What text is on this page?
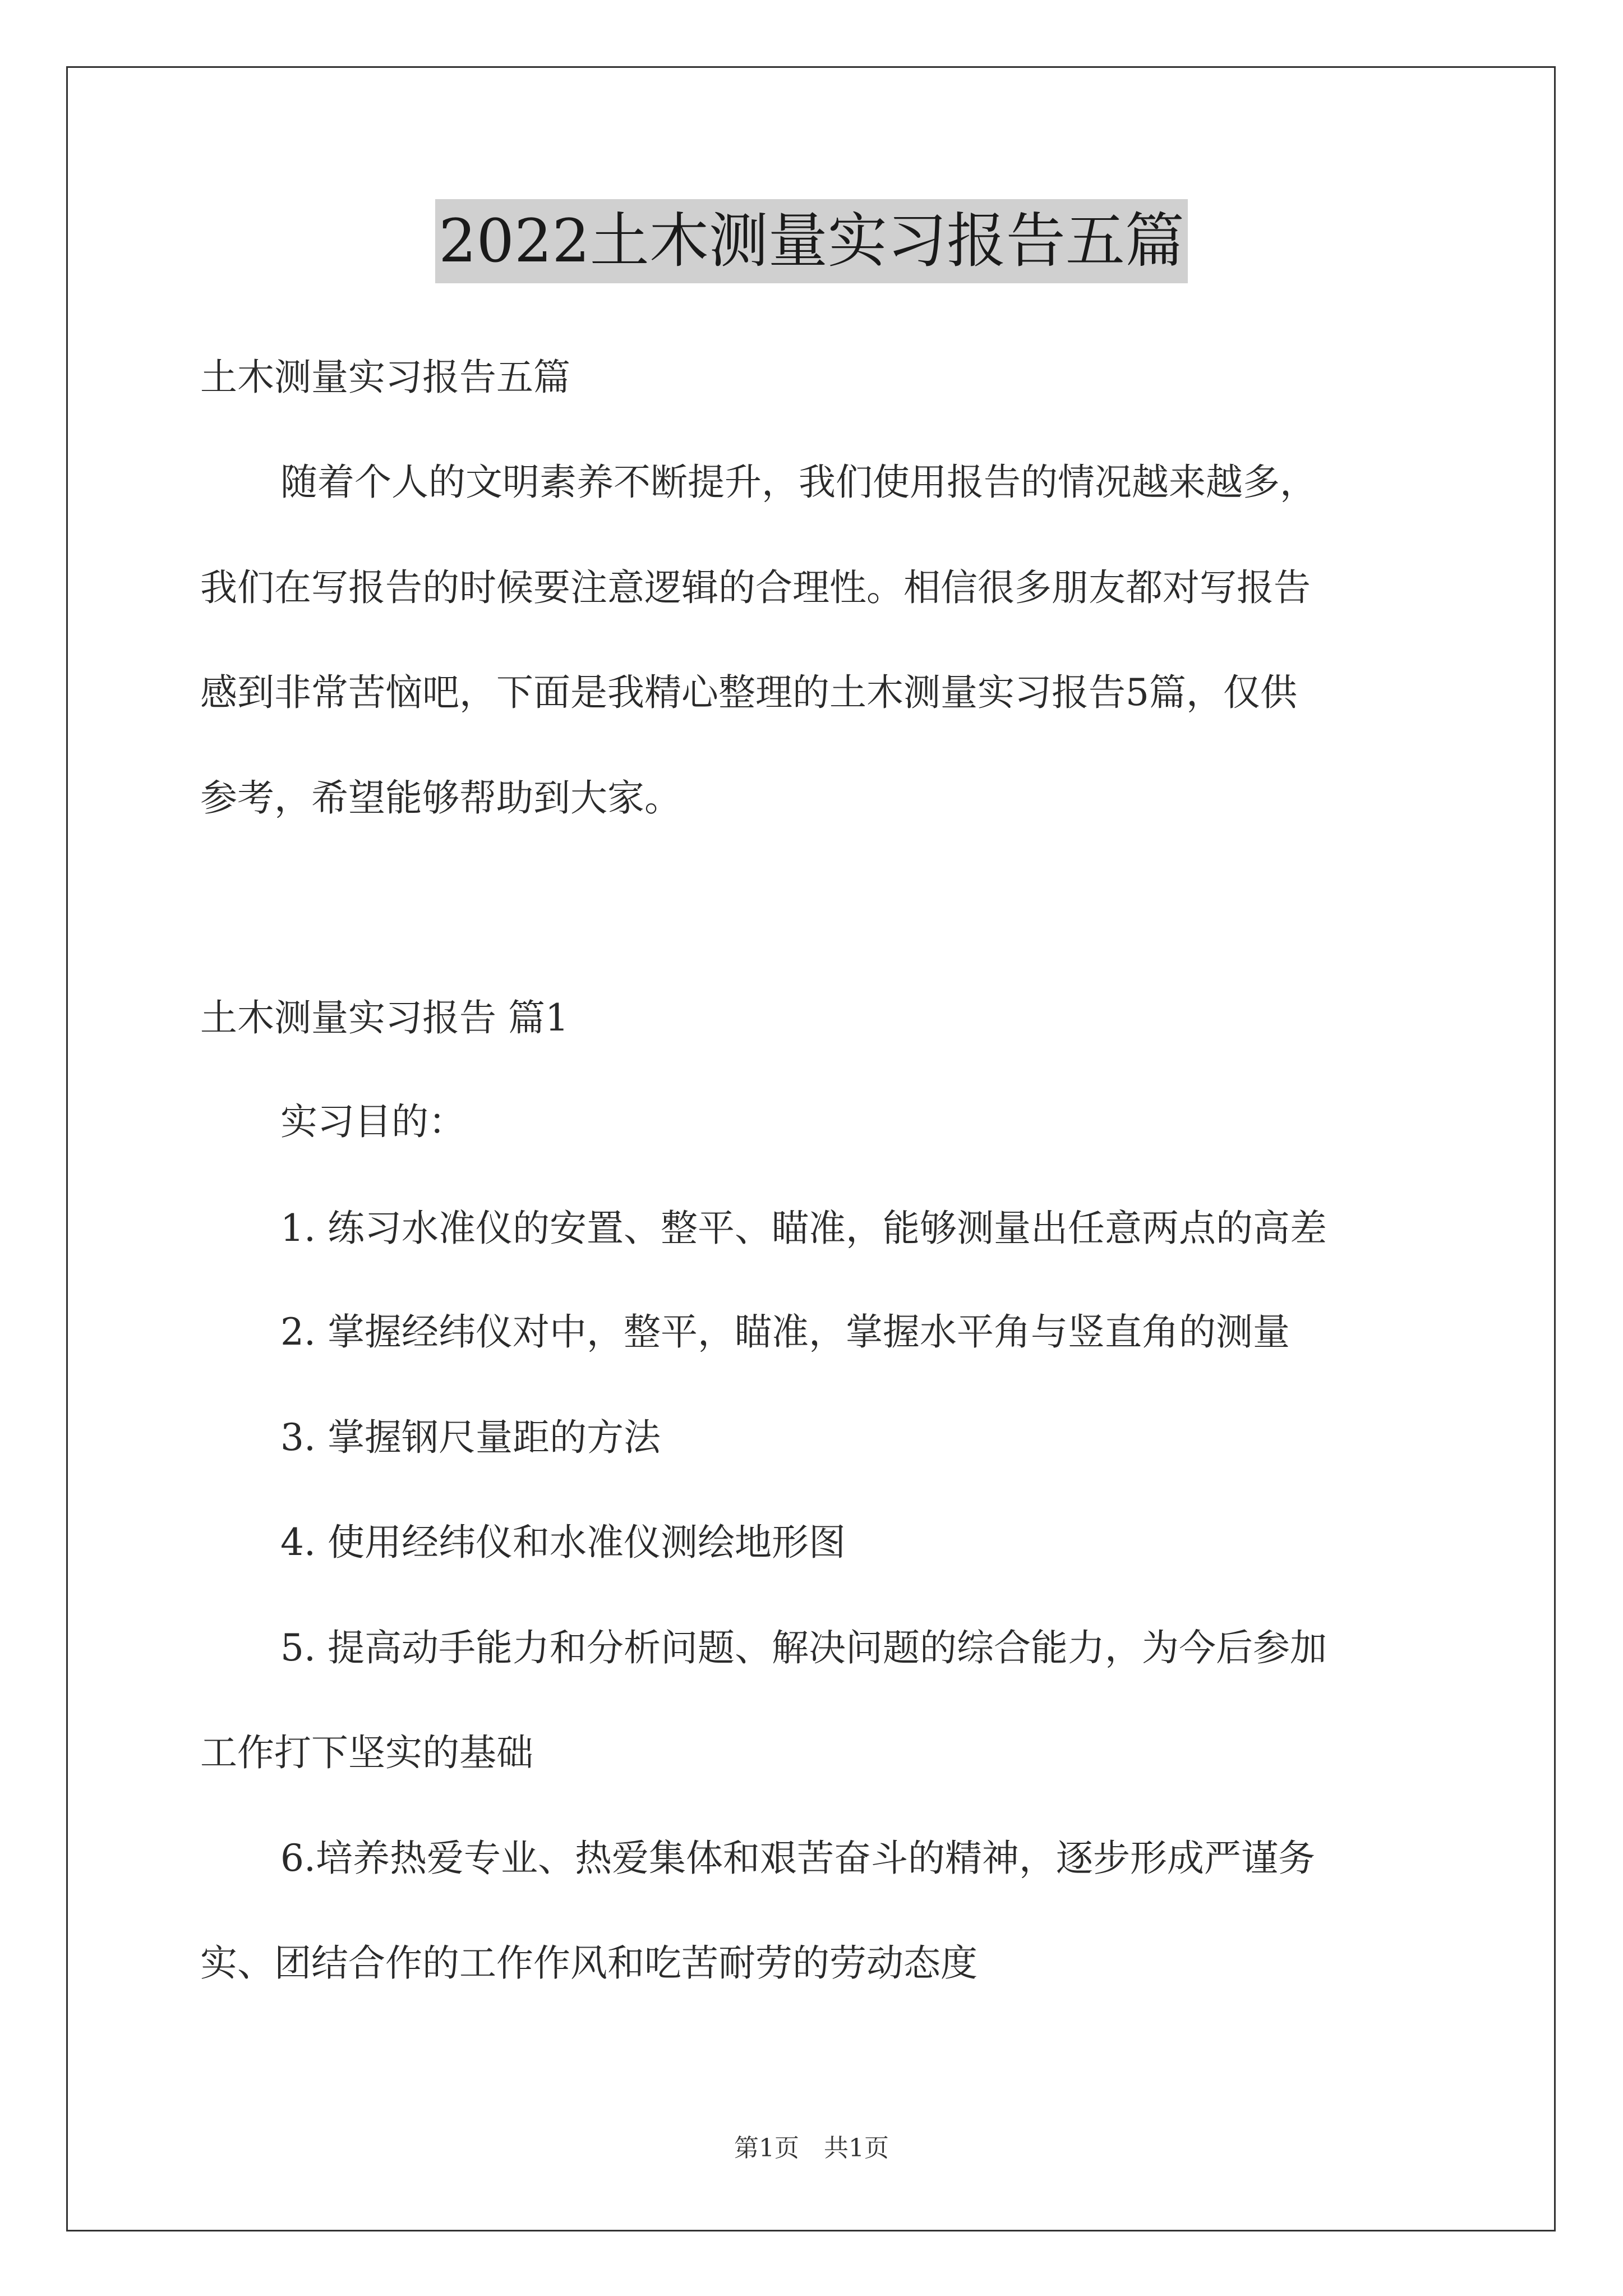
2022土木测量实习报告五篇
土木测量实习报告五篇
随着个人的文明素养不断提升，我们使用报告的情况越来越多，
我们在写报告的时候要注意逻辑的合理性。相信很多朋友都对写报告
感到非常苦恼吧，下面是我精心整理的土木测量实习报告5篇，仅供
参考，希望能够帮助到大家。
土木测量实习报告 篇1
实习目的：
1. 练习水准仪的安置、整平、瞄准，能够测量出任意两点的高差
2. 掌握经纬仪对中，整平，瞄准，掌握水平角与竖直角的测量
3. 掌握钢尺量距的方法
4. 使用经纬仪和水准仪测绘地形图
5. 提高动手能力和分析问题、解决问题的综合能力，为今后参加
工作打下坚实的基础
6.培养热爱专业、热爱集体和艰苦奋斗的精神，逐步形成严谨务
实、团结合作的工作作风和吃苦耐劳的劳动态度
第1页　共1页
